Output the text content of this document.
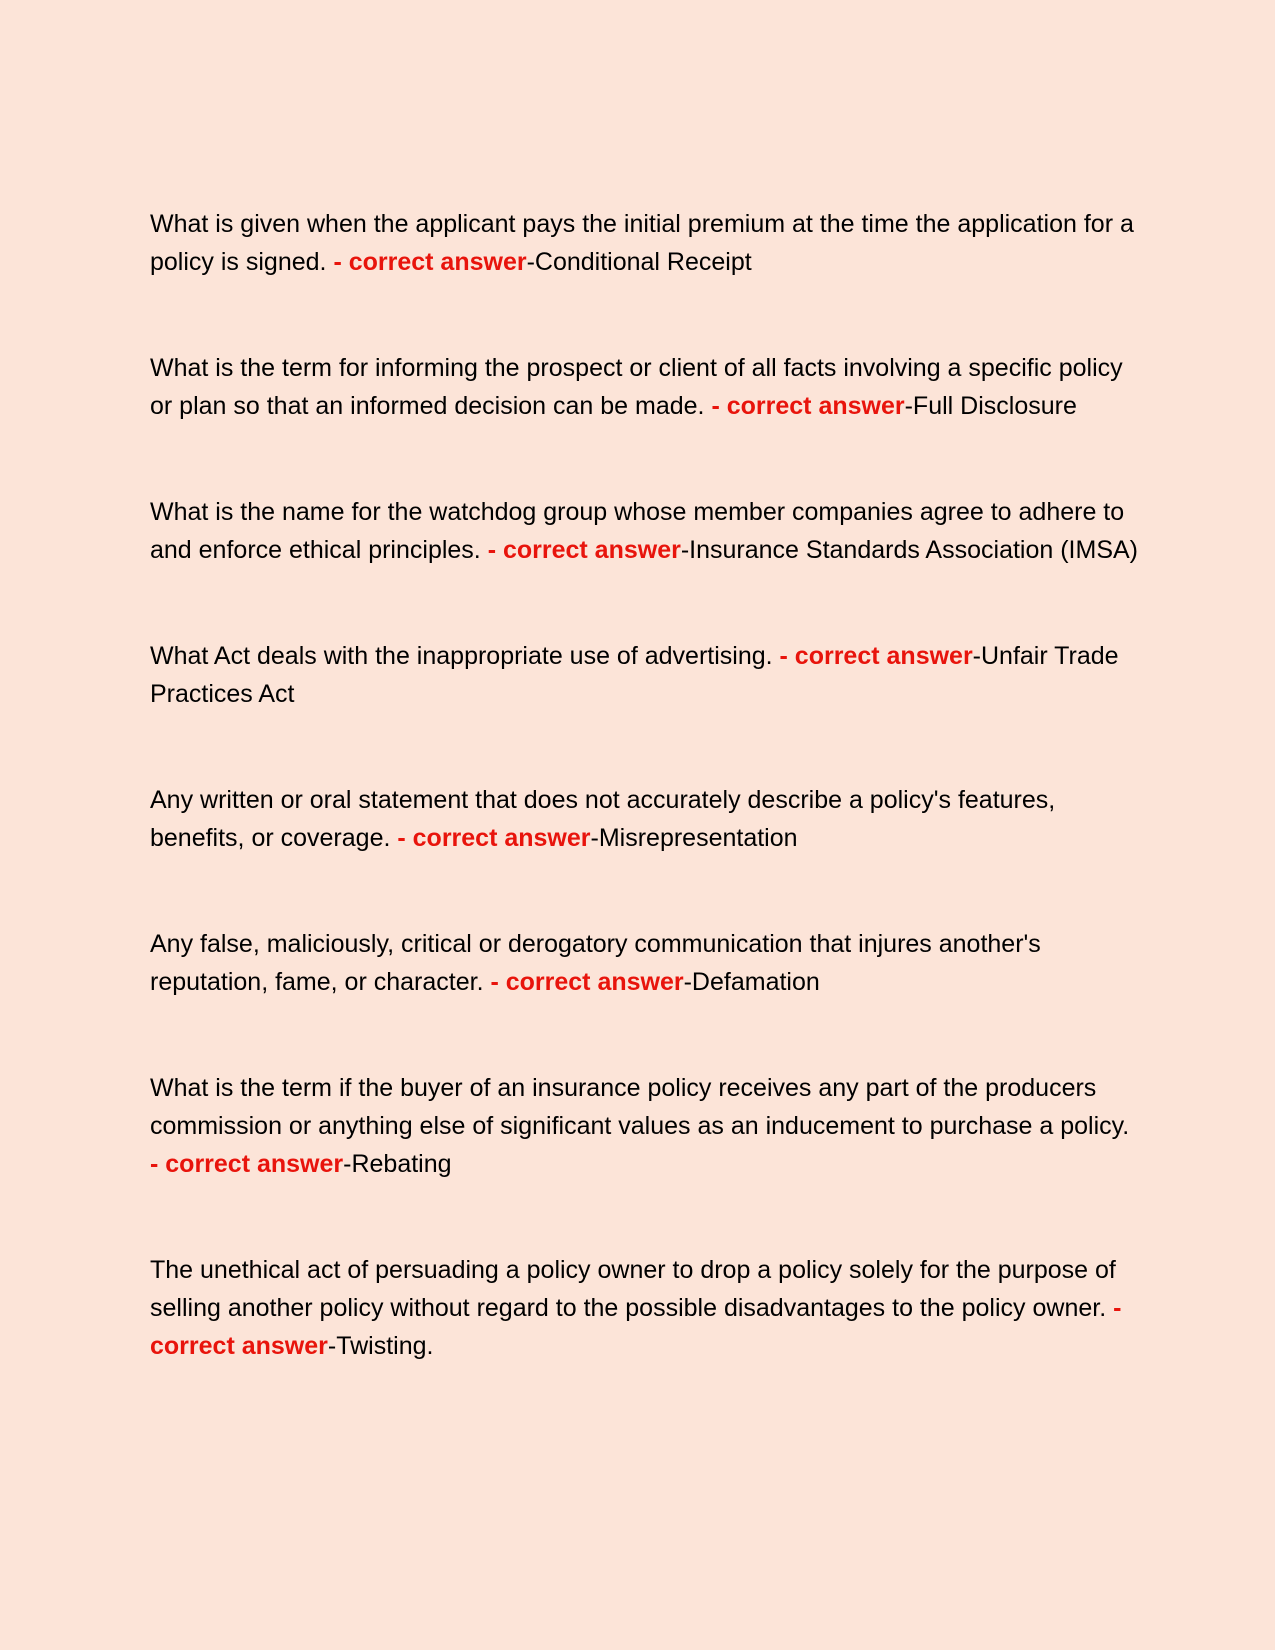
What is given when the applicant pays the initial premium at the time the application for a policy is signed. - correct answer-Conditional Receipt

What is the term for informing the prospect or client of all facts involving a specific policy or plan so that an informed decision can be made. - correct answer-Full Disclosure

What is the name for the watchdog group whose member companies agree to adhere to and enforce ethical principles. - correct answer-Insurance Standards Association (IMSA)

What Act deals with the inappropriate use of advertising. - correct answer-Unfair Trade Practices Act

Any written or oral statement that does not accurately describe a policy's features, benefits, or coverage. - correct answer-Misrepresentation

Any false, maliciously, critical or derogatory communication that injures another's reputation, fame, or character. - correct answer-Defamation

What is the term if the buyer of an insurance policy receives any part of the producers commission or anything else of significant values as an inducement to purchase a policy. - correct answer-Rebating

The unethical act of persuading a policy owner to drop a policy solely for the purpose of selling another policy without regard to the possible disadvantages to the policy owner. - correct answer-Twisting.
